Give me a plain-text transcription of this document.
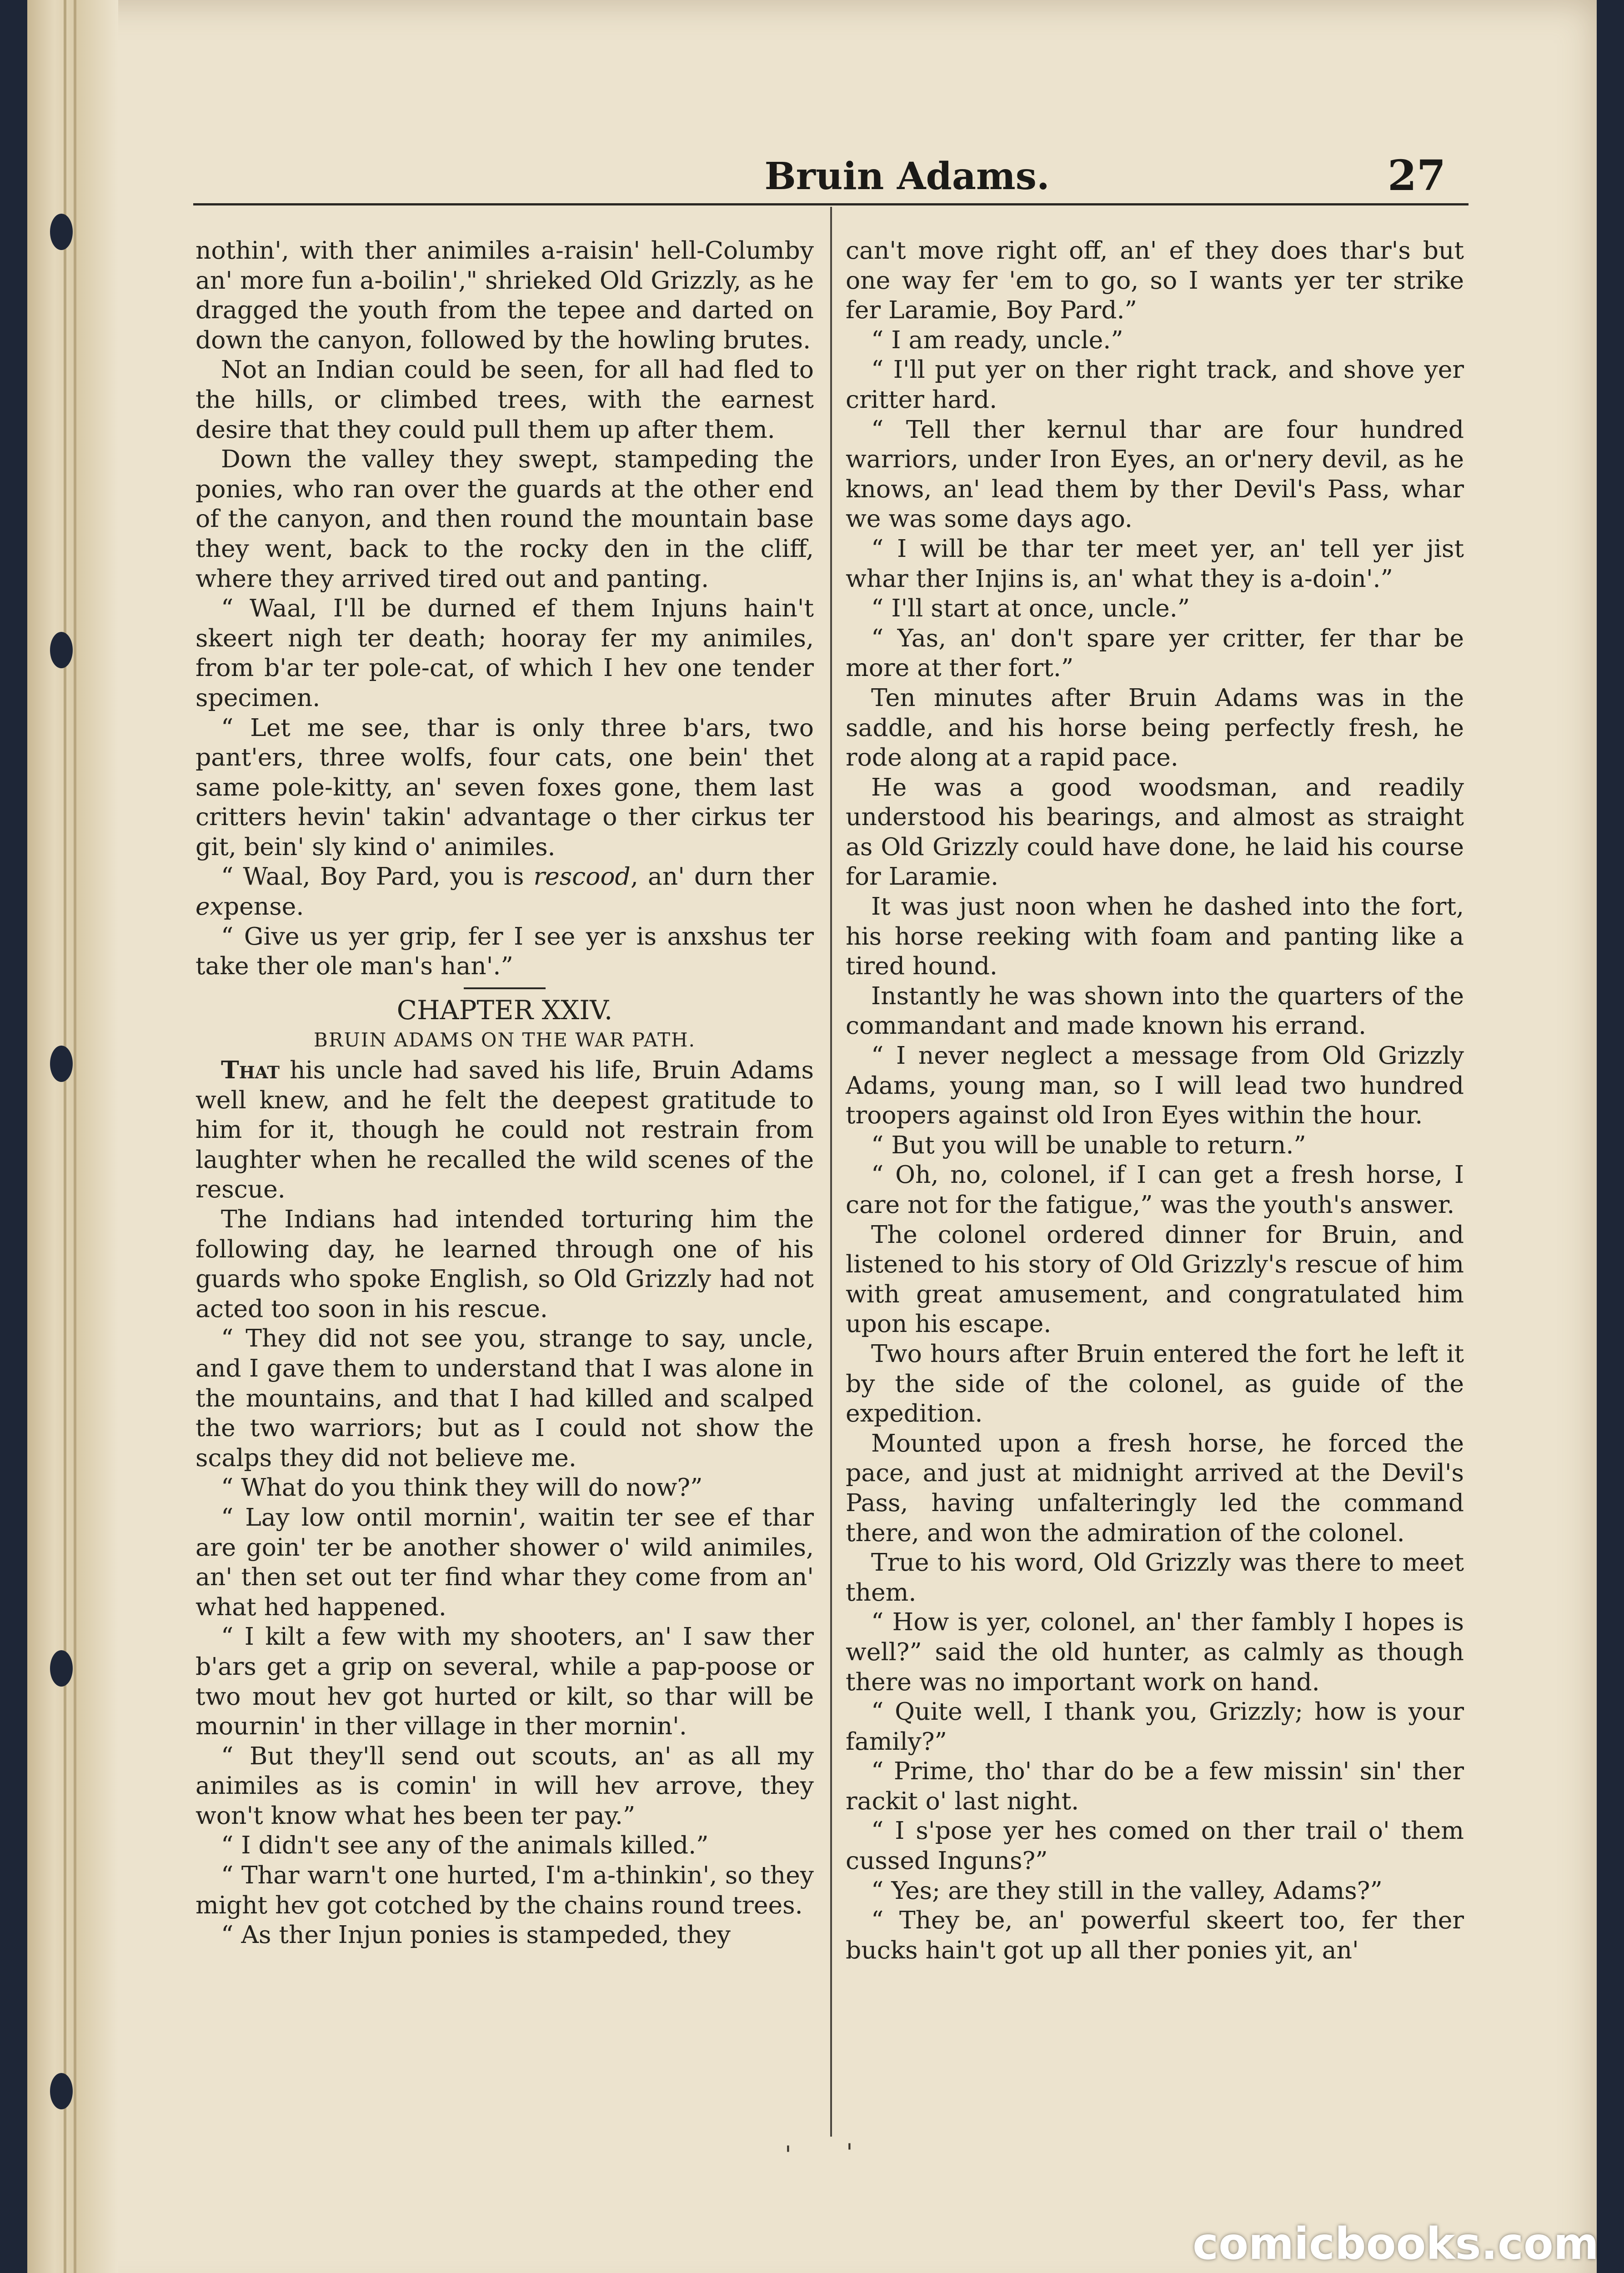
Bruin Adams.	27

nothin', with ther animiles a-raisin' hell-Columby an' more fun a-boilin'," shrieked Old Grizzly, as he dragged the youth from the tepee and darted on down the canyon, followed by the howling brutes.

Not an Indian could be seen, for all had fled to the hills, or climbed trees, with the earnest desire that they could pull them up after them.

Down the valley they swept, stampeding the ponies, who ran over the guards at the other end of the canyon, and then round the mountain base they went, back to the rocky den in the cliff, where they arrived tired out and panting.

“ Waal, I'll be durned ef them Injuns hain't skeert nigh ter death; hooray fer my animiles, from b'ar ter pole-cat, of which I hev one tender specimen.

“ Let me see, thar is only three b'ars, two pant'ers, three wolfs, four cats, one bein' thet same pole-kitty, an' seven foxes gone, them last critters hevin' takin' advantage o ther cirkus ter git, bein' sly kind o' animiles.

“ Waal, Boy Pard, you is rescood, an' durn ther expense.

“ Give us yer grip, fer I see yer is anxshus ter take ther ole man's han'.”

CHAPTER XXIV.

BRUIN ADAMS ON THE WAR PATH.

That his uncle had saved his life, Bruin Adams well knew, and he felt the deepest gratitude to him for it, though he could not restrain from laughter when he recalled the wild scenes of the rescue.

The Indians had intended torturing him the following day, he learned through one of his guards who spoke English, so Old Grizzly had not acted too soon in his rescue.

“ They did not see you, strange to say, uncle, and I gave them to understand that I was alone in the mountains, and that I had killed and scalped the two warriors; but as I could not show the scalps they did not believe me.

“ What do you think they will do now?”

“ Lay low ontil mornin', waitin ter see ef thar are goin' ter be another shower o' wild animiles, an' then set out ter find whar they come from an' what hed happened.

“ I kilt a few with my shooters, an' I saw ther b'ars get a grip on several, while a pap-poose or two mout hev got hurted or kilt, so thar will be mournin' in ther village in ther mornin'.

“ But they'll send out scouts, an' as all my animiles as is comin' in will hev arrove, they won't know what hes been ter pay.”

“ I didn't see any of the animals killed.”

“ Thar warn't one hurted, I'm a-thinkin', so they might hev got cotched by the chains round trees.

“ As ther Injun ponies is stampeded, they

can't move right off, an' ef they does thar's but one way fer 'em to go, so I wants yer ter strike fer Laramie, Boy Pard.”

“ I am ready, uncle.”

“ I'll put yer on ther right track, and shove yer critter hard.

“ Tell ther kernul thar are four hundred warriors, under Iron Eyes, an or'nery devil, as he knows, an' lead them by ther Devil's Pass, whar we was some days ago.

“ I will be thar ter meet yer, an' tell yer jist whar ther Injins is, an' what they is a-doin'.”

“ I'll start at once, uncle.”

“ Yas, an' don't spare yer critter, fer thar be more at ther fort.”

Ten minutes after Bruin Adams was in the saddle, and his horse being perfectly fresh, he rode along at a rapid pace.

He was a good woodsman, and readily understood his bearings, and almost as straight as Old Grizzly could have done, he laid his course for Laramie.

It was just noon when he dashed into the fort, his horse reeking with foam and panting like a tired hound.

Instantly he was shown into the quarters of the commandant and made known his errand.

“ I never neglect a message from Old Grizzly Adams, young man, so I will lead two hundred troopers against old Iron Eyes within the hour.

“ But you will be unable to return.”

“ Oh, no, colonel, if I can get a fresh horse, I care not for the fatigue,” was the youth's answer.

The colonel ordered dinner for Bruin, and listened to his story of Old Grizzly's rescue of him with great amusement, and congratulated him upon his escape.

Two hours after Bruin entered the fort he left it by the side of the colonel, as guide of the expedition.

Mounted upon a fresh horse, he forced the pace, and just at midnight arrived at the Devil's Pass, having unfalteringly led the command there, and won the admiration of the colonel.

True to his word, Old Grizzly was there to meet them.

“ How is yer, colonel, an' ther fambly I hopes is well?” said the old hunter, as calmly as though there was no important work on hand.

“ Quite well, I thank you, Grizzly; how is your family?”

“ Prime, tho' thar do be a few missin' sin' ther rackit o' last night.

“ I s'pose yer hes comed on ther trail o' them cussed Inguns?”

“ Yes; are they still in the valley, Adams?”

“ They be, an' powerful skeert too, fer ther bucks hain't got up all ther ponies yit, an'

ˈ ˈ
comicbooks.com
